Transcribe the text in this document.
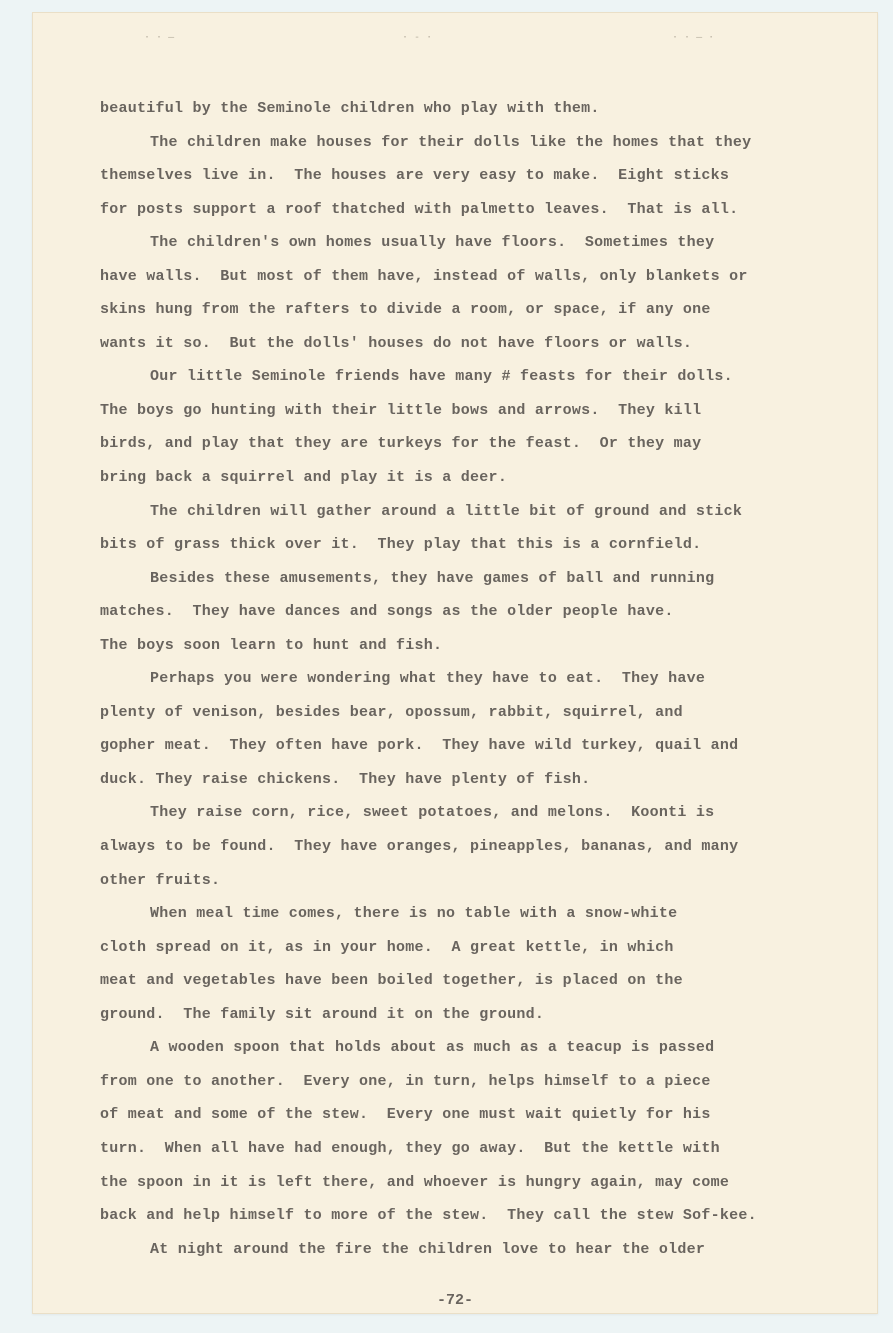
· · —	· - ·	· · — ·
beautiful by the Seminole children who play with them.
The children make houses for their dolls like the homes that they
themselves live in.  The houses are very easy to make.  Eight sticks
for posts support a roof thatched with palmetto leaves.  That is all.
The children's own homes usually have floors.  Sometimes they
have walls.  But most of them have, instead of walls, only blankets or
skins hung from the rafters to divide a room, or space, if any one
wants it so.  But the dolls' houses do not have floors or walls.
Our little Seminole friends have many # feasts for their dolls.
The boys go hunting with their little bows and arrows.  They kill
birds, and play that they are turkeys for the feast.  Or they may
bring back a squirrel and play it is a deer.
The children will gather around a little bit of ground and stick
bits of grass thick over it.  They play that this is a cornfield.
Besides these amusements, they have games of ball and running
matches.  They have dances and songs as the older people have.
The boys soon learn to hunt and fish.
Perhaps you were wondering what they have to eat.  They have
plenty of venison, besides bear, opossum, rabbit, squirrel, and
gopher meat.  They often have pork.  They have wild turkey, quail and
duck. They raise chickens.  They have plenty of fish.
They raise corn, rice, sweet potatoes, and melons.  Koonti is
always to be found.  They have oranges, pineapples, bananas, and many
other fruits.
When meal time comes, there is no table with a snow-white
cloth spread on it, as in your home.  A great kettle, in which
meat and vegetables have been boiled together, is placed on the
ground.  The family sit around it on the ground.
A wooden spoon that holds about as much as a teacup is passed
from one to another.  Every one, in turn, helps himself to a piece
of meat and some of the stew.  Every one must wait quietly for his
turn.  When all have had enough, they go away.  But the kettle with
the spoon in it is left there, and whoever is hungry again, may come
back and help himself to more of the stew.  They call the stew Sof-kee.
At night around the fire the children love to hear the older
-72-
